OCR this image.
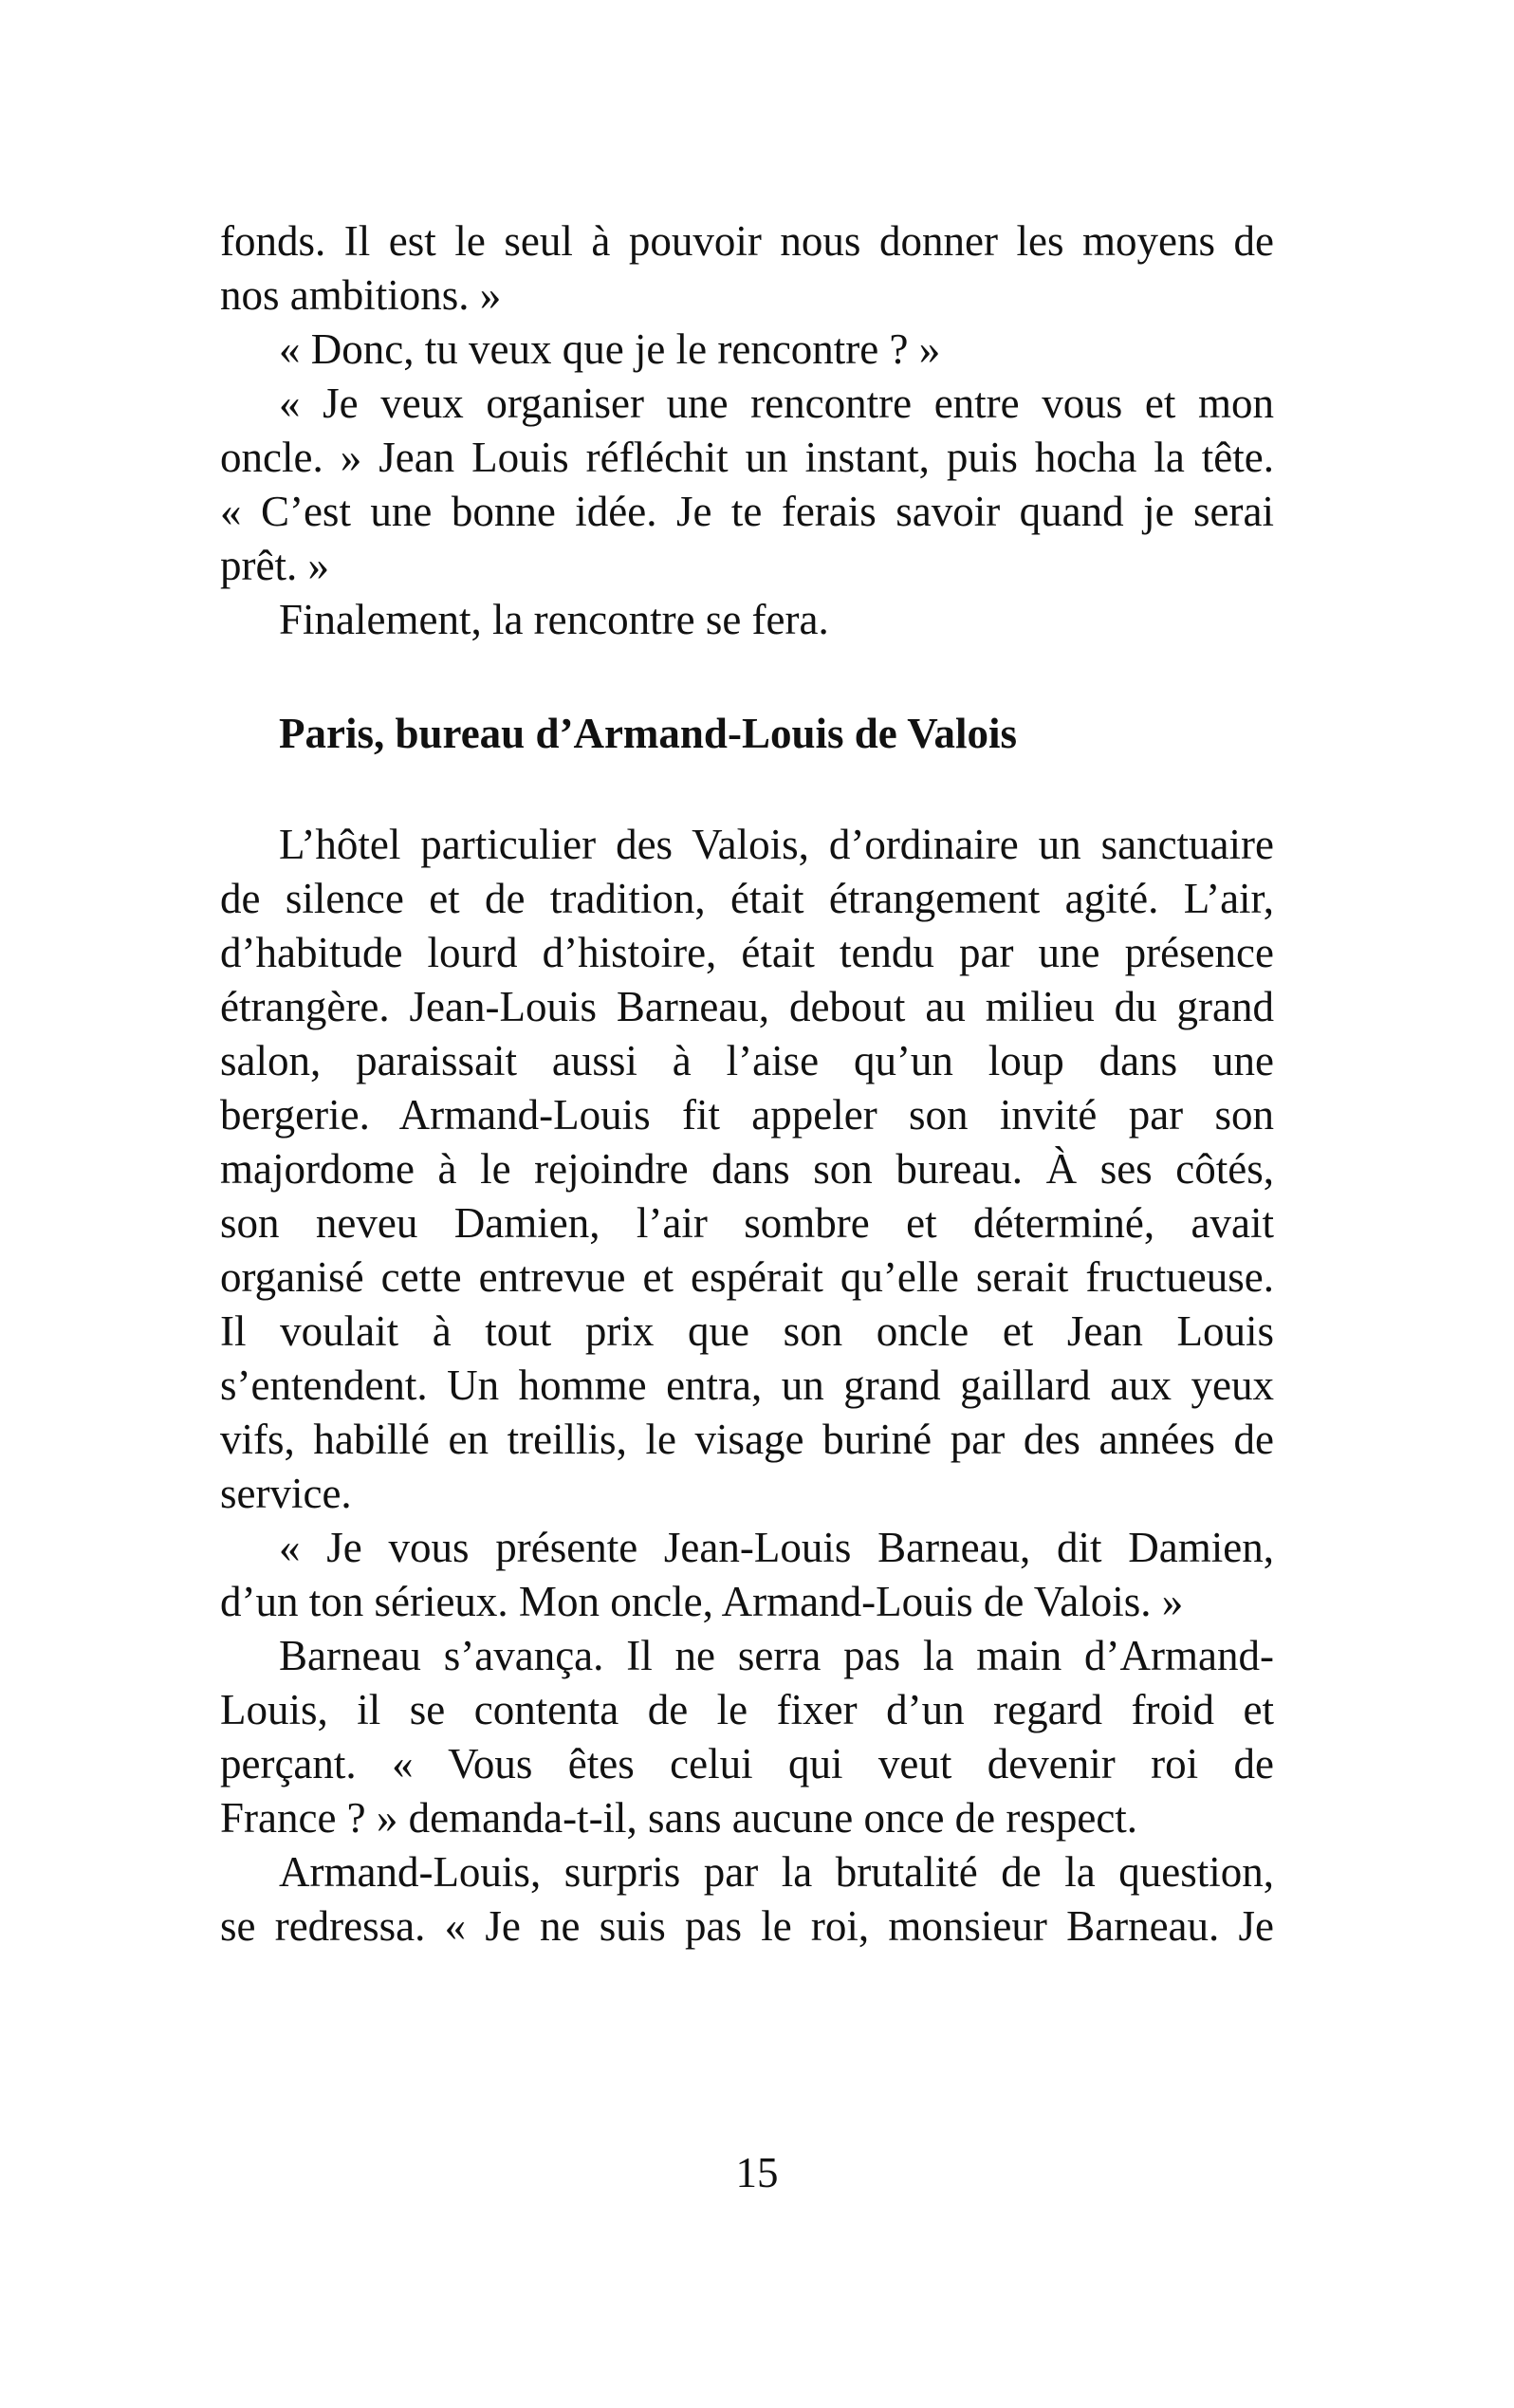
fonds. Il est le seul à pouvoir nous donner les moyens de
nos ambitions. »
« Donc, tu veux que je le rencontre ? »
« Je veux organiser une rencontre entre vous et mon
oncle. » Jean Louis réfléchit un instant, puis hocha la tête.
« C’est une bonne idée. Je te ferais savoir quand je serai
prêt. »
Finalement, la rencontre se fera.
Paris, bureau d’Armand-Louis de Valois
L’hôtel particulier des Valois, d’ordinaire un sanctuaire
de silence et de tradition, était étrangement agité. L’air,
d’habitude lourd d’histoire, était tendu par une présence
étrangère. Jean-Louis Barneau, debout au milieu du grand
salon, paraissait aussi à l’aise qu’un loup dans une
bergerie. Armand-Louis fit appeler son invité par son
majordome à le rejoindre dans son bureau. À ses côtés,
son neveu Damien, l’air sombre et déterminé, avait
organisé cette entrevue et espérait qu’elle serait fructueuse.
Il voulait à tout prix que son oncle et Jean Louis
s’entendent. Un homme entra, un grand gaillard aux yeux
vifs, habillé en treillis, le visage buriné par des années de
service.
« Je vous présente Jean-Louis Barneau, dit Damien,
d’un ton sérieux. Mon oncle, Armand-Louis de Valois. »
Barneau s’avança. Il ne serra pas la main d’Armand-
Louis, il se contenta de le fixer d’un regard froid et
perçant. « Vous êtes celui qui veut devenir roi de
France ? » demanda-t-il, sans aucune once de respect.
Armand-Louis, surpris par la brutalité de la question,
se redressa. « Je ne suis pas le roi, monsieur Barneau. Je
15
